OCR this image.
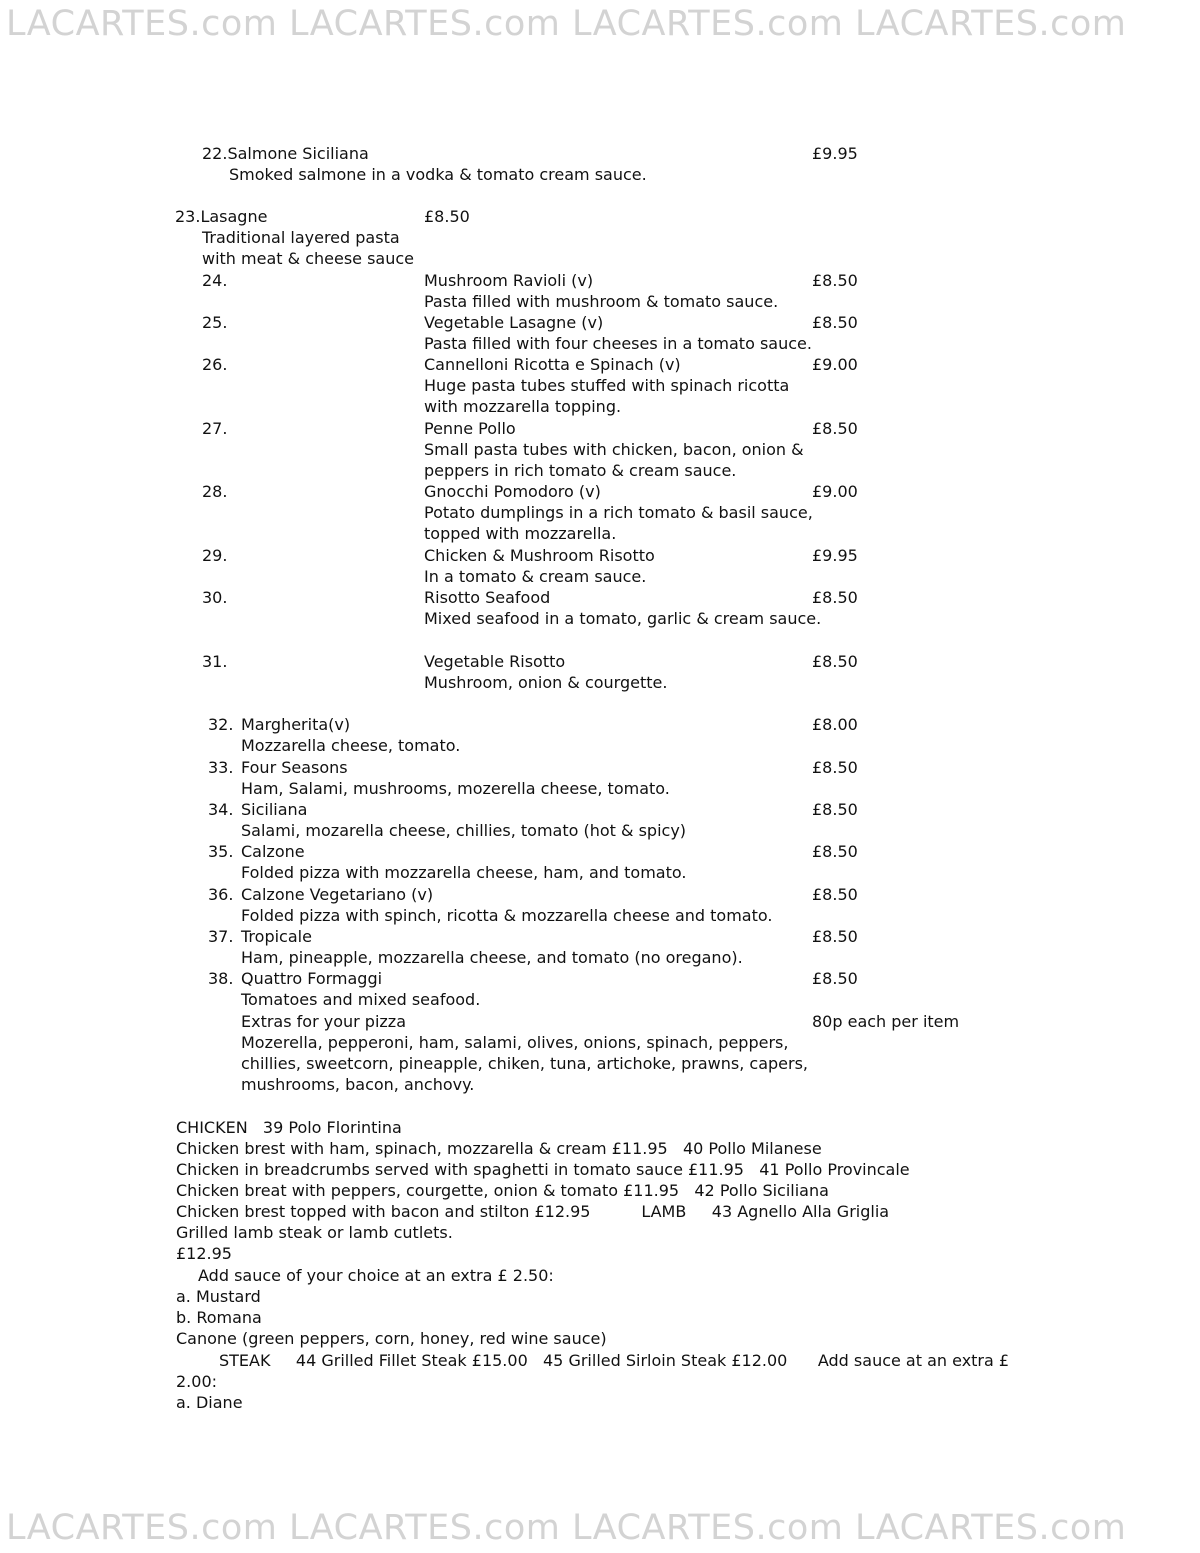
LACARTES.com LACARTES.com LACARTES.com LACARTES.com
22.Salmone Siciliana	£9.95
Smoked salmone in a vodka & tomato cream sauce.
23.Lasagne	£8.50
Traditional layered pasta
with meat & cheese sauce
24.	Mushroom Ravioli (v)	£8.50
Pasta filled with mushroom & tomato sauce.
25.	Vegetable Lasagne (v)	£8.50
Pasta filled with four cheeses in a tomato sauce.
26.	Cannelloni Ricotta e Spinach (v)	£9.00
Huge pasta tubes stuffed with spinach ricotta
with mozzarella topping.
27.	Penne Pollo	£8.50
Small pasta tubes with chicken, bacon, onion &
peppers in rich tomato & cream sauce.
28.	Gnocchi Pomodoro (v)	£9.00
Potato dumplings in a rich tomato & basil sauce,
topped with mozzarella.
29.	Chicken & Mushroom Risotto	£9.95
In a tomato & cream sauce.
30.	Risotto Seafood	£8.50
Mixed seafood in a tomato, garlic & cream sauce.
31.	Vegetable Risotto	£8.50
Mushroom, onion & courgette.
32. Margherita(v)	£8.00
Mozzarella cheese, tomato.
33. Four Seasons	£8.50
Ham, Salami, mushrooms, mozerella cheese, tomato.
34. Siciliana	£8.50
Salami, mozarella cheese, chillies, tomato (hot & spicy)
35. Calzone	£8.50
Folded pizza with mozzarella cheese, ham, and tomato.
36. Calzone Vegetariano (v)	£8.50
Folded pizza with spinch, ricotta & mozzarella cheese and tomato.
37. Tropicale	£8.50
Ham, pineapple, mozzarella cheese, and tomato (no oregano).
38. Quattro Formaggi	£8.50
Tomatoes and mixed seafood.
Extras for your pizza	80p each per item
Mozerella, pepperoni, ham, salami, olives, onions, spinach, peppers,
chillies, sweetcorn, pineapple, chiken, tuna, artichoke, prawns, capers,
mushrooms, bacon, anchovy.
CHICKEN   39 Polo Florintina
Chicken brest with ham, spinach, mozzarella & cream £11.95   40 Pollo Milanese
Chicken in breadcrumbs served with spaghetti in tomato sauce £11.95   41 Pollo Provincale
Chicken breat with peppers, courgette, onion & tomato £11.95   42 Pollo Siciliana
Chicken brest topped with bacon and stilton £12.95          LAMB     43 Agnello Alla Griglia
Grilled lamb steak or lamb cutlets.
£12.95
Add sauce of your choice at an extra £ 2.50:
a. Mustard
b. Romana
Canone (green peppers, corn, honey, red wine sauce)
STEAK     44 Grilled Fillet Steak £15.00   45 Grilled Sirloin Steak £12.00      Add sauce at an extra £
2.00:
a. Diane
LACARTES.com LACARTES.com LACARTES.com LACARTES.com
